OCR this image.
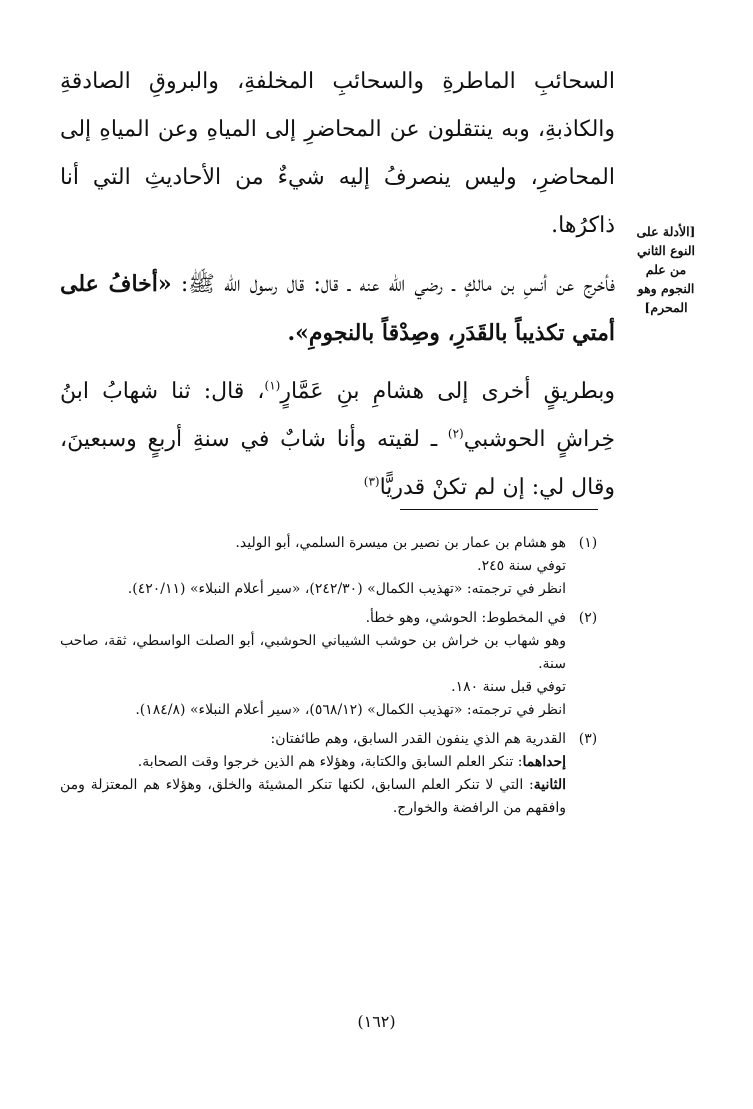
السحائبِ الماطرةِ والسحائبِ المخلفةِ، والبروقِ الصادقةِ والكاذبةِ، وبه ينتقلون عن المحاضرِ إلى المياهِ وعن المياهِ إلى المحاضرِ، وليس ينصرفُ إليه شيءٌ من الأحاديثِ التي أنا ذاكرُها.

فأخرج عن أنسِ بن مالكٍ ـ رضي الله عنه ـ قال: قال رسول الله ﷺ: «أخافُ على أمتي تكذيباً بالقَدَرِ، وصِدْقاً بالنجومِ».

وبطريقٍ أخرى إلى هشامِ بنِ عَمَّارٍ$^{(١)}$، قال: ثنا شهابُ ابنُ خِراشٍ الحوشبي$^{(٢)}$ ـ لقيته وأنا شابٌ في سنةِ أربعٍ وسبعينَ، وقال لي: إن لم تكنْ قدريًّا$^{(٣)}$

[الأدلة على
النوع الثاني
من علم
النجوم وهو
المحرم]
(١)
هو هشام بن عمار بن نصير بن ميسرة السلمي، أبو الوليد.
توفي سنة ٢٤٥.
انظر في ترجمته: «تهذيب الكمال» (٢٤٢/٣٠)، «سير أعلام النبلاء» (٤٢٠/١١).
(٢)
في المخطوط: الحوشي، وهو خطأ.
وهو شهاب بن خراش بن حوشب الشيباني الحوشبي، أبو الصلت الواسطي، ثقة، صاحب سنة.
توفي قبل سنة ١٨٠.
انظر في ترجمته: «تهذيب الكمال» (٥٦٨/١٢)، «سير أعلام النبلاء» (١٨٤/٨).
(٣)
القدرية هم الذي ينفون القدر السابق، وهم طائفتان:
إحداهما: تنكر العلم السابق والكتابة، وهؤلاء هم الذين خرجوا وقت الصحابة.
الثانية: التي لا تنكر العلم السابق، لكنها تنكر المشيئة والخلق، وهؤلاء هم المعتزلة ومن وافقهم من الرافضة والخوارج.
(١٦٢)
